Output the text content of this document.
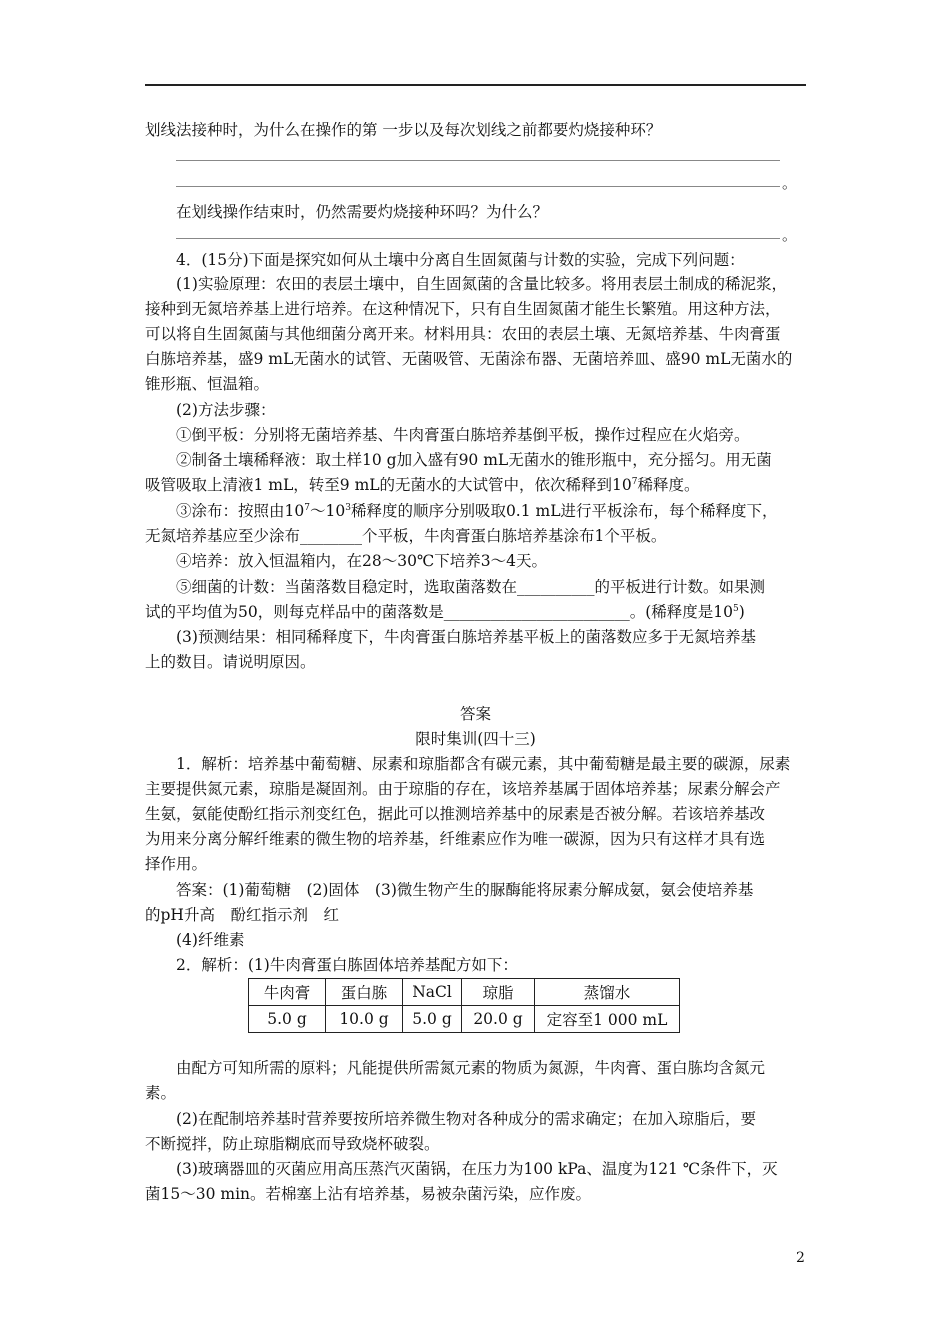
划线法接种时，为什么在操作的第 一步以及每次划线之前都要灼烧接种环？
。
在划线操作结束时，仍然需要灼烧接种环吗？为什么？
。
4．(15分)下面是探究如何从土壤中分离自生固氮菌与计数的实验，完成下列问题：
(1)实验原理：农田的表层土壤中，自生固氮菌的含量比较多。将用表层土制成的稀泥浆，
接种到无氮培养基上进行培养。在这种情况下，只有自生固氮菌才能生长繁殖。用这种方法，
可以将自生固氮菌与其他细菌分离开来。材料用具：农田的表层土壤、无氮培养基、牛肉膏蛋
白胨培养基，盛9 mL无菌水的试管、无菌吸管、无菌涂布器、无菌培养皿、盛90 mL无菌水的
锥形瓶、恒温箱。
(2)方法步骤：
①倒平板：分别将无菌培养基、牛肉膏蛋白胨培养基倒平板，操作过程应在火焰旁。
②制备土壤稀释液：取土样10 g加入盛有90 mL无菌水的锥形瓶中，充分摇匀。用无菌
吸管吸取上清液1 mL，转至9 mL的无菌水的大试管中，依次稀释到$10^7$稀释度。
③涂布：按照由$10^7\sim 10^3$稀释度的顺序分别吸取0.1 mL进行平板涂布，每个稀释度下，
无氮培养基应至少涂布________个平板，牛肉膏蛋白胨培养基涂布1个平板。
④培养：放入恒温箱内，在28～30℃下培养3～4天。
⑤细菌的计数：当菌落数目稳定时，选取菌落数在__________的平板进行计数。如果测
试的平均值为50，则每克样品中的菌落数是________________________。(稀释度是$10^5$)
(3)预测结果：相同稀释度下，牛肉膏蛋白胨培养基平板上的菌落数应多于无氮培养基
上的数目。请说明原因。
答案
限时集训(四十三)
1．解析：培养基中葡萄糖、尿素和琼脂都含有碳元素，其中葡萄糖是最主要的碳源，尿素
主要提供氮元素，琼脂是凝固剂。由于琼脂的存在，该培养基属于固体培养基；尿素分解会产
生氨，氨能使酚红指示剂变红色，据此可以推测培养基中的尿素是否被分解。若该培养基改
为用来分离分解纤维素的微生物的培养基，纤维素应作为唯一碳源，因为只有这样才具有选
择作用。
答案：(1)葡萄糖　(2)固体　(3)微生物产生的脲酶能将尿素分解成氨，氨会使培养基
的pH升高　酚红指示剂　红
(4)纤维素
2．解析：(1)牛肉膏蛋白胨固体培养基配方如下：
牛肉膏	蛋白胨	NaCl	琼脂	蒸馏水
5.0 g	10.0 g	5.0 g	20.0 g	定容至1 000 mL
由配方可知所需的原料；凡能提供所需氮元素的物质为氮源，牛肉膏、蛋白胨均含氮元
素。
(2)在配制培养基时营养要按所培养微生物对各种成分的需求确定；在加入琼脂后，要
不断搅拌，防止琼脂糊底而导致烧杯破裂。
(3)玻璃器皿的灭菌应用高压蒸汽灭菌锅，在压力为100 kPa、温度为121 ℃条件下，灭
菌15～30 min。若棉塞上沾有培养基，易被杂菌污染，应作废。
2
